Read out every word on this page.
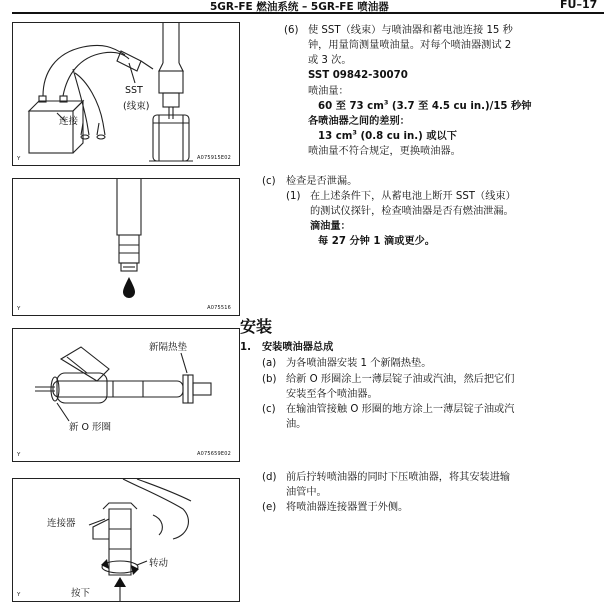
5GR-FE 燃油系统 – 5GR-FE 喷油器	FU–17
SST
(线束)
连接
Y	A075915E02
Y	A075516
新隔热垫
新 O 形圈
Y	A075659E02
连接器
转动
按下
Y
(6) 使 SST（线束）与喷油器和蓄电池连接 15 秒
钟，用量筒测量喷油量。对每个喷油器测试 2
或 3 次。
SST 09842-30070
喷油量：
60 至 73 $cm^3$ (3.7 至 4.5 cu in.)/15 秒钟
各喷油器之间的差别：
13 $cm^3$ (0.8 cu in.) 或以下
喷油量不符合规定，更换喷油器。
(c) 检查是否泄漏。
(1) 在上述条件下，从蓄电池上断开 SST（线束）
的测试仪探针，检查喷油器是否有燃油泄漏。
滴油量：
每 27 分钟 1 滴或更少。
安装
1. 安装喷油器总成
(a) 为各喷油器安装 1 个新隔热垫。
(b) 给新 O 形圈涂上一薄层锭子油或汽油，然后把它们
安装至各个喷油器。
(c) 在输油管接触 O 形圈的地方涂上一薄层锭子油或汽
油。
(d) 前后拧转喷油器的同时下压喷油器，将其安装进输
油管中。
(e) 将喷油器连接器置于外侧。
